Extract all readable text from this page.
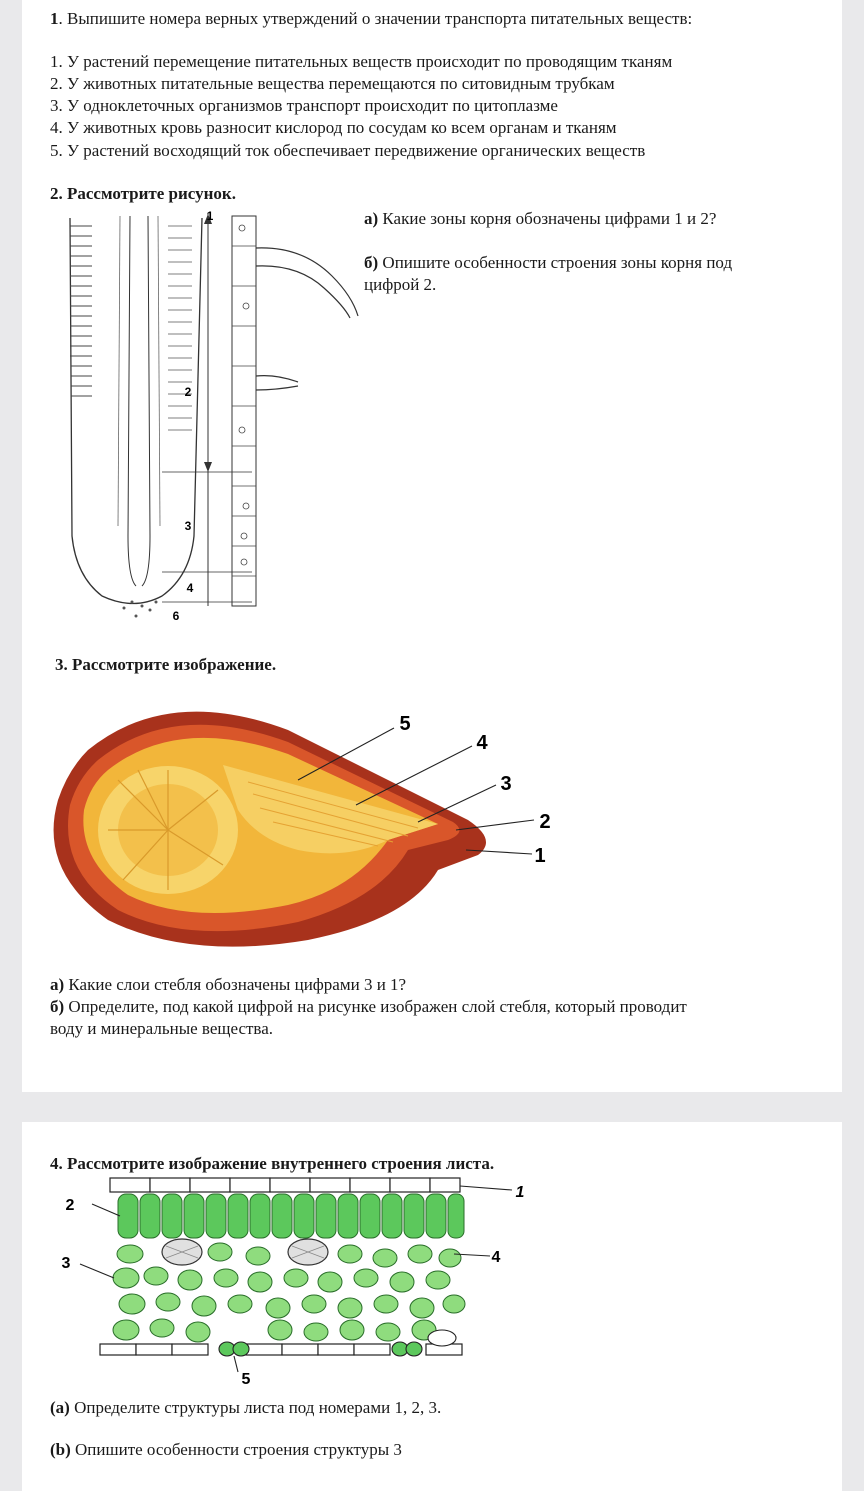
1. Выпишите номера верных утверждений о значении транспорта питательных веществ:
1. У растений перемещение питательных веществ происходит по проводящим тканям
2. У животных питательные вещества перемещаются по ситовидным трубкам
3. У одноклеточных организмов транспорт происходит по цитоплазме
4. У животных кровь разносит кислород по сосудам ко всем органам и тканям
5. У растений восходящий ток обеспечивает передвижение органических веществ
2. Рассмотрите рисунок.
1
2
3
4
6
а) Какие зоны корня обозначены цифрами 1 и 2?
б) Опишите особенности строения зоны корня под
цифрой 2.
3. Рассмотрите изображение.
5
4
3
2
1
а) Какие слои стебля обозначены цифрами 3 и 1?
б) Определите, под какой цифрой на рисунке изображен слой стебля, который проводит
воду и минеральные вещества.
4. Рассмотрите изображение внутреннего строения листа.
1
2
3	4
5
(a) Определите структуры листа под номерами 1, 2, 3.
(b) Опишите особенности строения структуры 3
